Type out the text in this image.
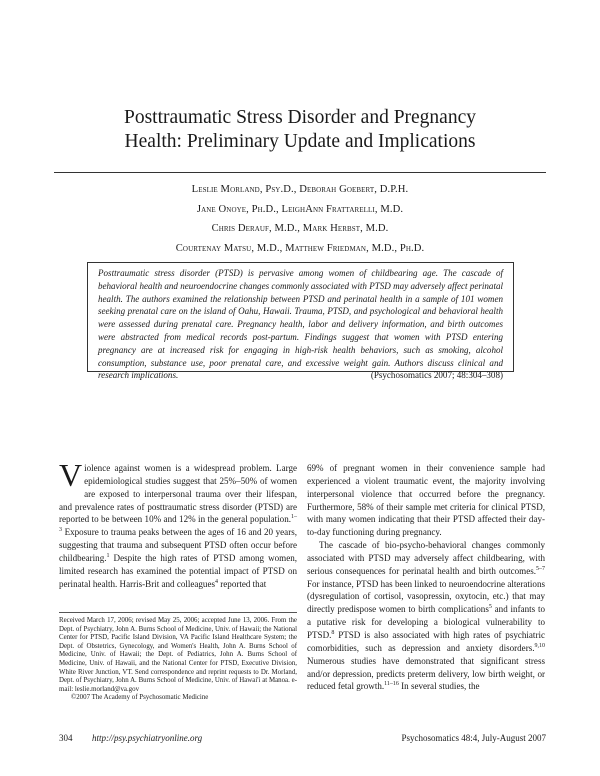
Posttraumatic Stress Disorder and Pregnancy
Health: Preliminary Update and Implications
Leslie Morland, Psy.D., Deborah Goebert, D.P.H.
Jane Onoye, Ph.D., LeighAnn Frattarelli, M.D.
Chris Derauf, M.D., Mark Herbst, M.D.
Courtenay Matsu, M.D., Matthew Friedman, M.D., Ph.D.
Posttraumatic stress disorder (PTSD) is pervasive among women of childbearing age. The cascade of behavioral health and neuroendocrine changes commonly associated with PTSD may adversely affect perinatal health. The authors examined the relationship between PTSD and perinatal health in a sample of 101 women seeking prenatal care on the island of Oahu, Hawaii. Trauma, PTSD, and psychological and behavioral health were assessed during prenatal care. Pregnancy health, labor and delivery information, and birth outcomes were abstracted from medical records post-partum. Findings suggest that women with PTSD entering pregnancy are at increased risk for engaging in high-risk health behaviors, such as smoking, alcohol consumption, substance use, poor prenatal care, and excessive weight gain. Authors discuss clinical and research implications.	(Psychosomatics 2007; 48:304–308)

Violence against women is a widespread problem. Large epidemiological studies suggest that 25%–50% of women are exposed to interpersonal trauma over their lifespan, and prevalence rates of posttraumatic stress disorder (PTSD) are reported to be between 10% and 12% in the general population.$^{1-3}$ Exposure to trauma peaks between the ages of 16 and 20 years, suggesting that trauma and subsequent PTSD often occur before childbearing.$^1$ Despite the high rates of PTSD among women, limited research has examined the potential impact of PTSD on perinatal health. Harris-Brit and colleagues$^4$ reported that

Received March 17, 2006; revised May 25, 2006; accepted June 13, 2006. From the Dept. of Psychiatry, John A. Burns School of Medicine, Univ. of Hawaii; the National Center for PTSD, Pacific Island Division, VA Pacific Island Healthcare System; the Dept. of Obstetrics, Gynecology, and Women's Health, John A. Burns School of Medicine, Univ. of Hawaii; the Dept. of Pediatrics, John A. Burns School of Medicine, Univ. of Hawaii, and the National Center for PTSD, Executive Division, White River Junction, VT. Send correspondence and reprint requests to Dr. Morland, Dept. of Psychiatry, John A. Burns School of Medicine, Univ. of Hawai'i at Manoa. e-mail: leslie.morland@va.gov
©2007 The Academy of Psychosomatic Medicine

69% of pregnant women in their convenience sample had experienced a violent traumatic event, the majority involving interpersonal violence that occurred before the pregnancy. Furthermore, 58% of their sample met criteria for clinical PTSD, with many women indicating that their PTSD affected their day-to-day functioning during pregnancy.

The cascade of bio-psycho-behavioral changes commonly associated with PTSD may adversely affect childbearing, with serious consequences for perinatal health and birth outcomes.$^{5-7}$ For instance, PTSD has been linked to neuroendocrine alterations (dysregulation of cortisol, vasopressin, oxytocin, etc.) that may directly predispose women to birth complications$^5$ and infants to a putative risk for developing a biological vulnerability to PTSD.$^8$ PTSD is also associated with high rates of psychiatric comorbidities, such as depression and anxiety disorders.$^{9,10}$ Numerous studies have demonstrated that significant stress and/or depression, predicts preterm delivery, low birth weight, or reduced fetal growth.$^{11-16}$ In several studies, the

304 http://psy.psychiatryonline.org	Psychosomatics 48:4, July-August 2007
